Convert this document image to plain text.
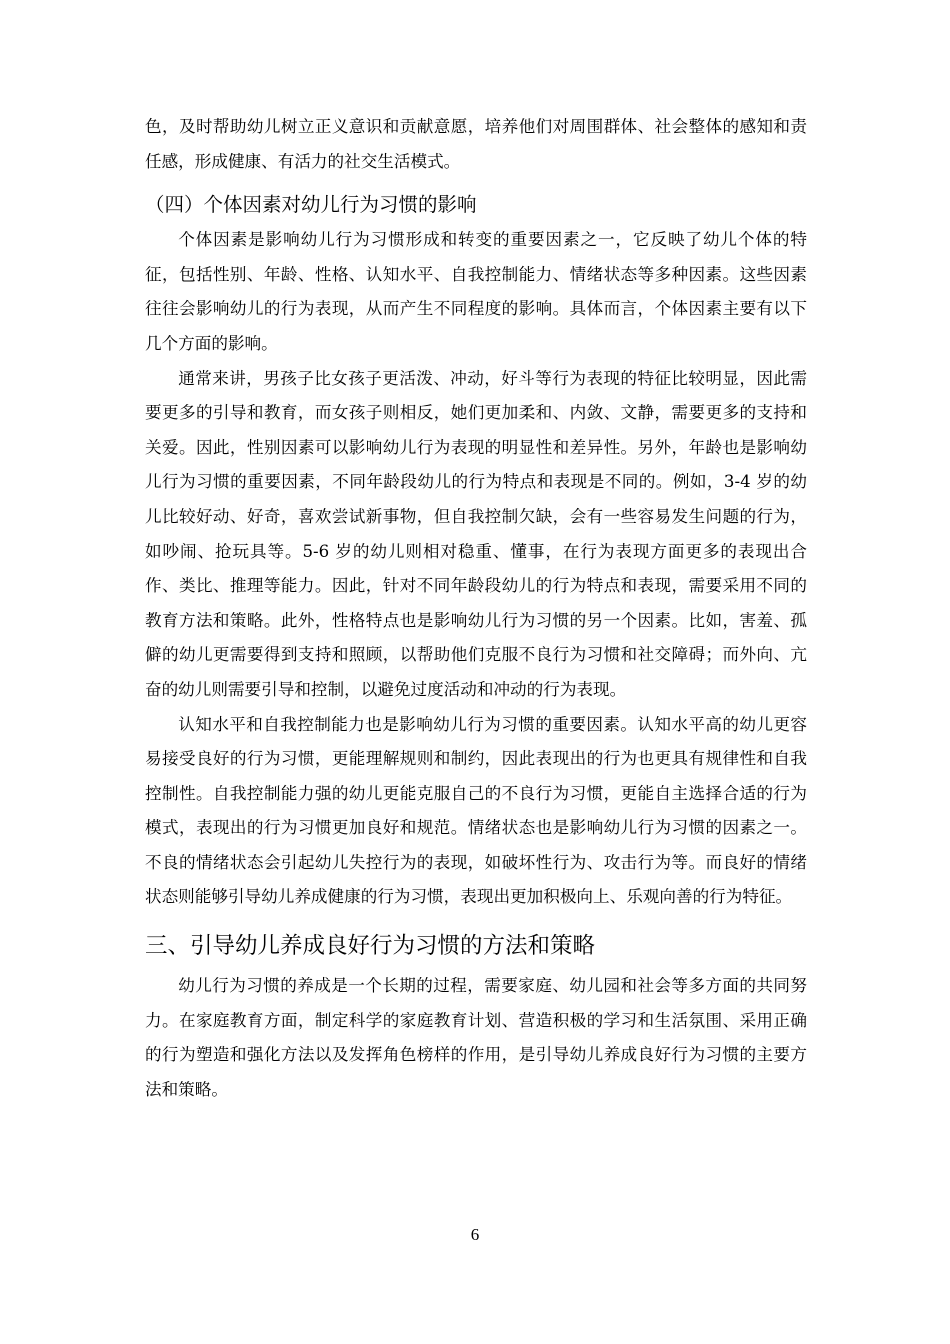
色，及时帮助幼儿树立正义意识和贡献意愿，培养他们对周围群体、社会整体的感知和责任感，形成健康、有活力的社交生活模式。

（四）个体因素对幼儿行为习惯的影响

个体因素是影响幼儿行为习惯形成和转变的重要因素之一，它反映了幼儿个体的特征，包括性别、年龄、性格、认知水平、自我控制能力、情绪状态等多种因素。这些因素往往会影响幼儿的行为表现，从而产生不同程度的影响。具体而言，个体因素主要有以下几个方面的影响。

通常来讲，男孩子比女孩子更活泼、冲动，好斗等行为表现的特征比较明显，因此需要更多的引导和教育，而女孩子则相反，她们更加柔和、内敛、文静，需要更多的支持和关爱。因此，性别因素可以影响幼儿行为表现的明显性和差异性。另外，年龄也是影响幼儿行为习惯的重要因素，不同年龄段幼儿的行为特点和表现是不同的。例如，3-4 岁的幼儿比较好动、好奇，喜欢尝试新事物，但自我控制欠缺，会有一些容易发生问题的行为，如吵闹、抢玩具等。5-6 岁的幼儿则相对稳重、懂事，在行为表现方面更多的表现出合作、类比、推理等能力。因此，针对不同年龄段幼儿的行为特点和表现，需要采用不同的教育方法和策略。此外，性格特点也是影响幼儿行为习惯的另一个因素。比如，害羞、孤僻的幼儿更需要得到支持和照顾，以帮助他们克服不良行为习惯和社交障碍；而外向、亢奋的幼儿则需要引导和控制，以避免过度活动和冲动的行为表现。

认知水平和自我控制能力也是影响幼儿行为习惯的重要因素。认知水平高的幼儿更容易接受良好的行为习惯，更能理解规则和制约，因此表现出的行为也更具有规律性和自我控制性。自我控制能力强的幼儿更能克服自己的不良行为习惯，更能自主选择合适的行为模式，表现出的行为习惯更加良好和规范。情绪状态也是影响幼儿行为习惯的因素之一。不良的情绪状态会引起幼儿失控行为的表现，如破坏性行为、攻击行为等。而良好的情绪状态则能够引导幼儿养成健康的行为习惯，表现出更加积极向上、乐观向善的行为特征。

三、引导幼儿养成良好行为习惯的方法和策略

幼儿行为习惯的养成是一个长期的过程，需要家庭、幼儿园和社会等多方面的共同努力。在家庭教育方面，制定科学的家庭教育计划、营造积极的学习和生活氛围、采用正确的行为塑造和强化方法以及发挥角色榜样的作用，是引导幼儿养成良好行为习惯的主要方法和策略。

6
